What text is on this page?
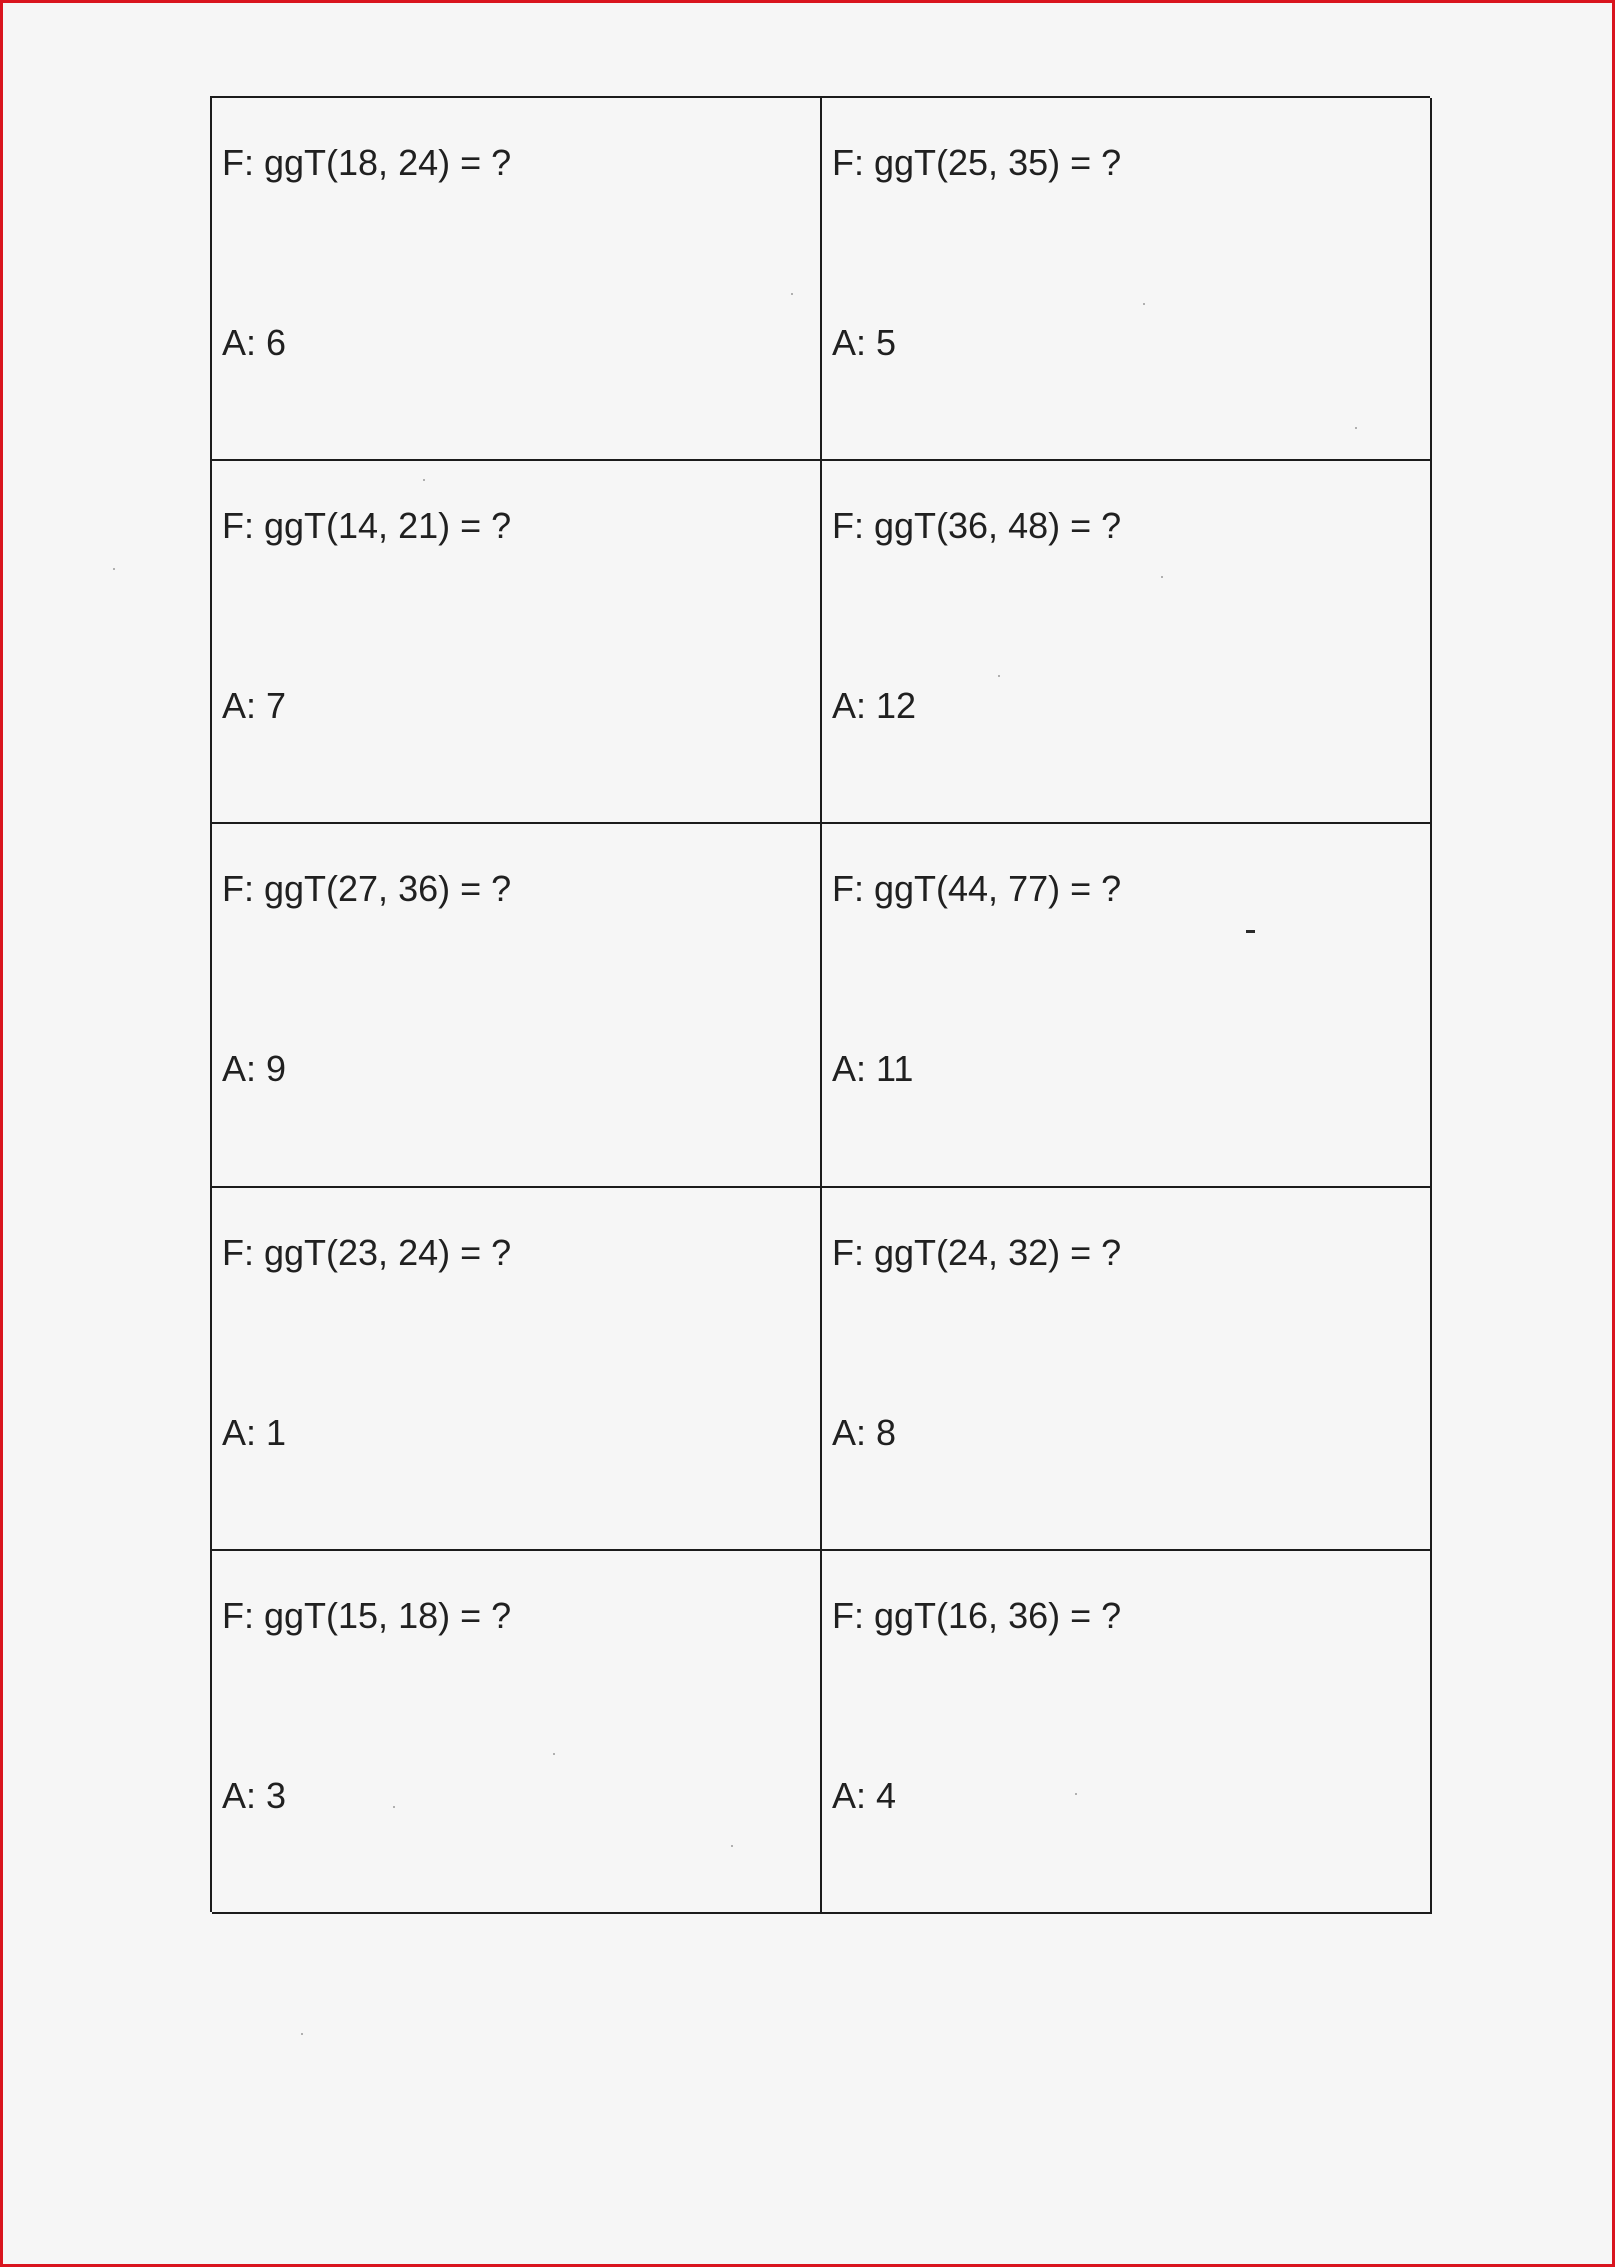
F: ggT(18, 24) = ?
A: 6
F: ggT(25, 35) = ?
A: 5
F: ggT(14, 21) = ?
A: 7
F: ggT(36, 48) = ?
A: 12
F: ggT(27, 36) = ?
A: 9
F: ggT(44, 77) = ?
A: 11
F: ggT(23, 24) = ?
A: 1
F: ggT(24, 32) = ?
A: 8
F: ggT(15, 18) = ?
A: 3
F: ggT(16, 36) = ?
A: 4
